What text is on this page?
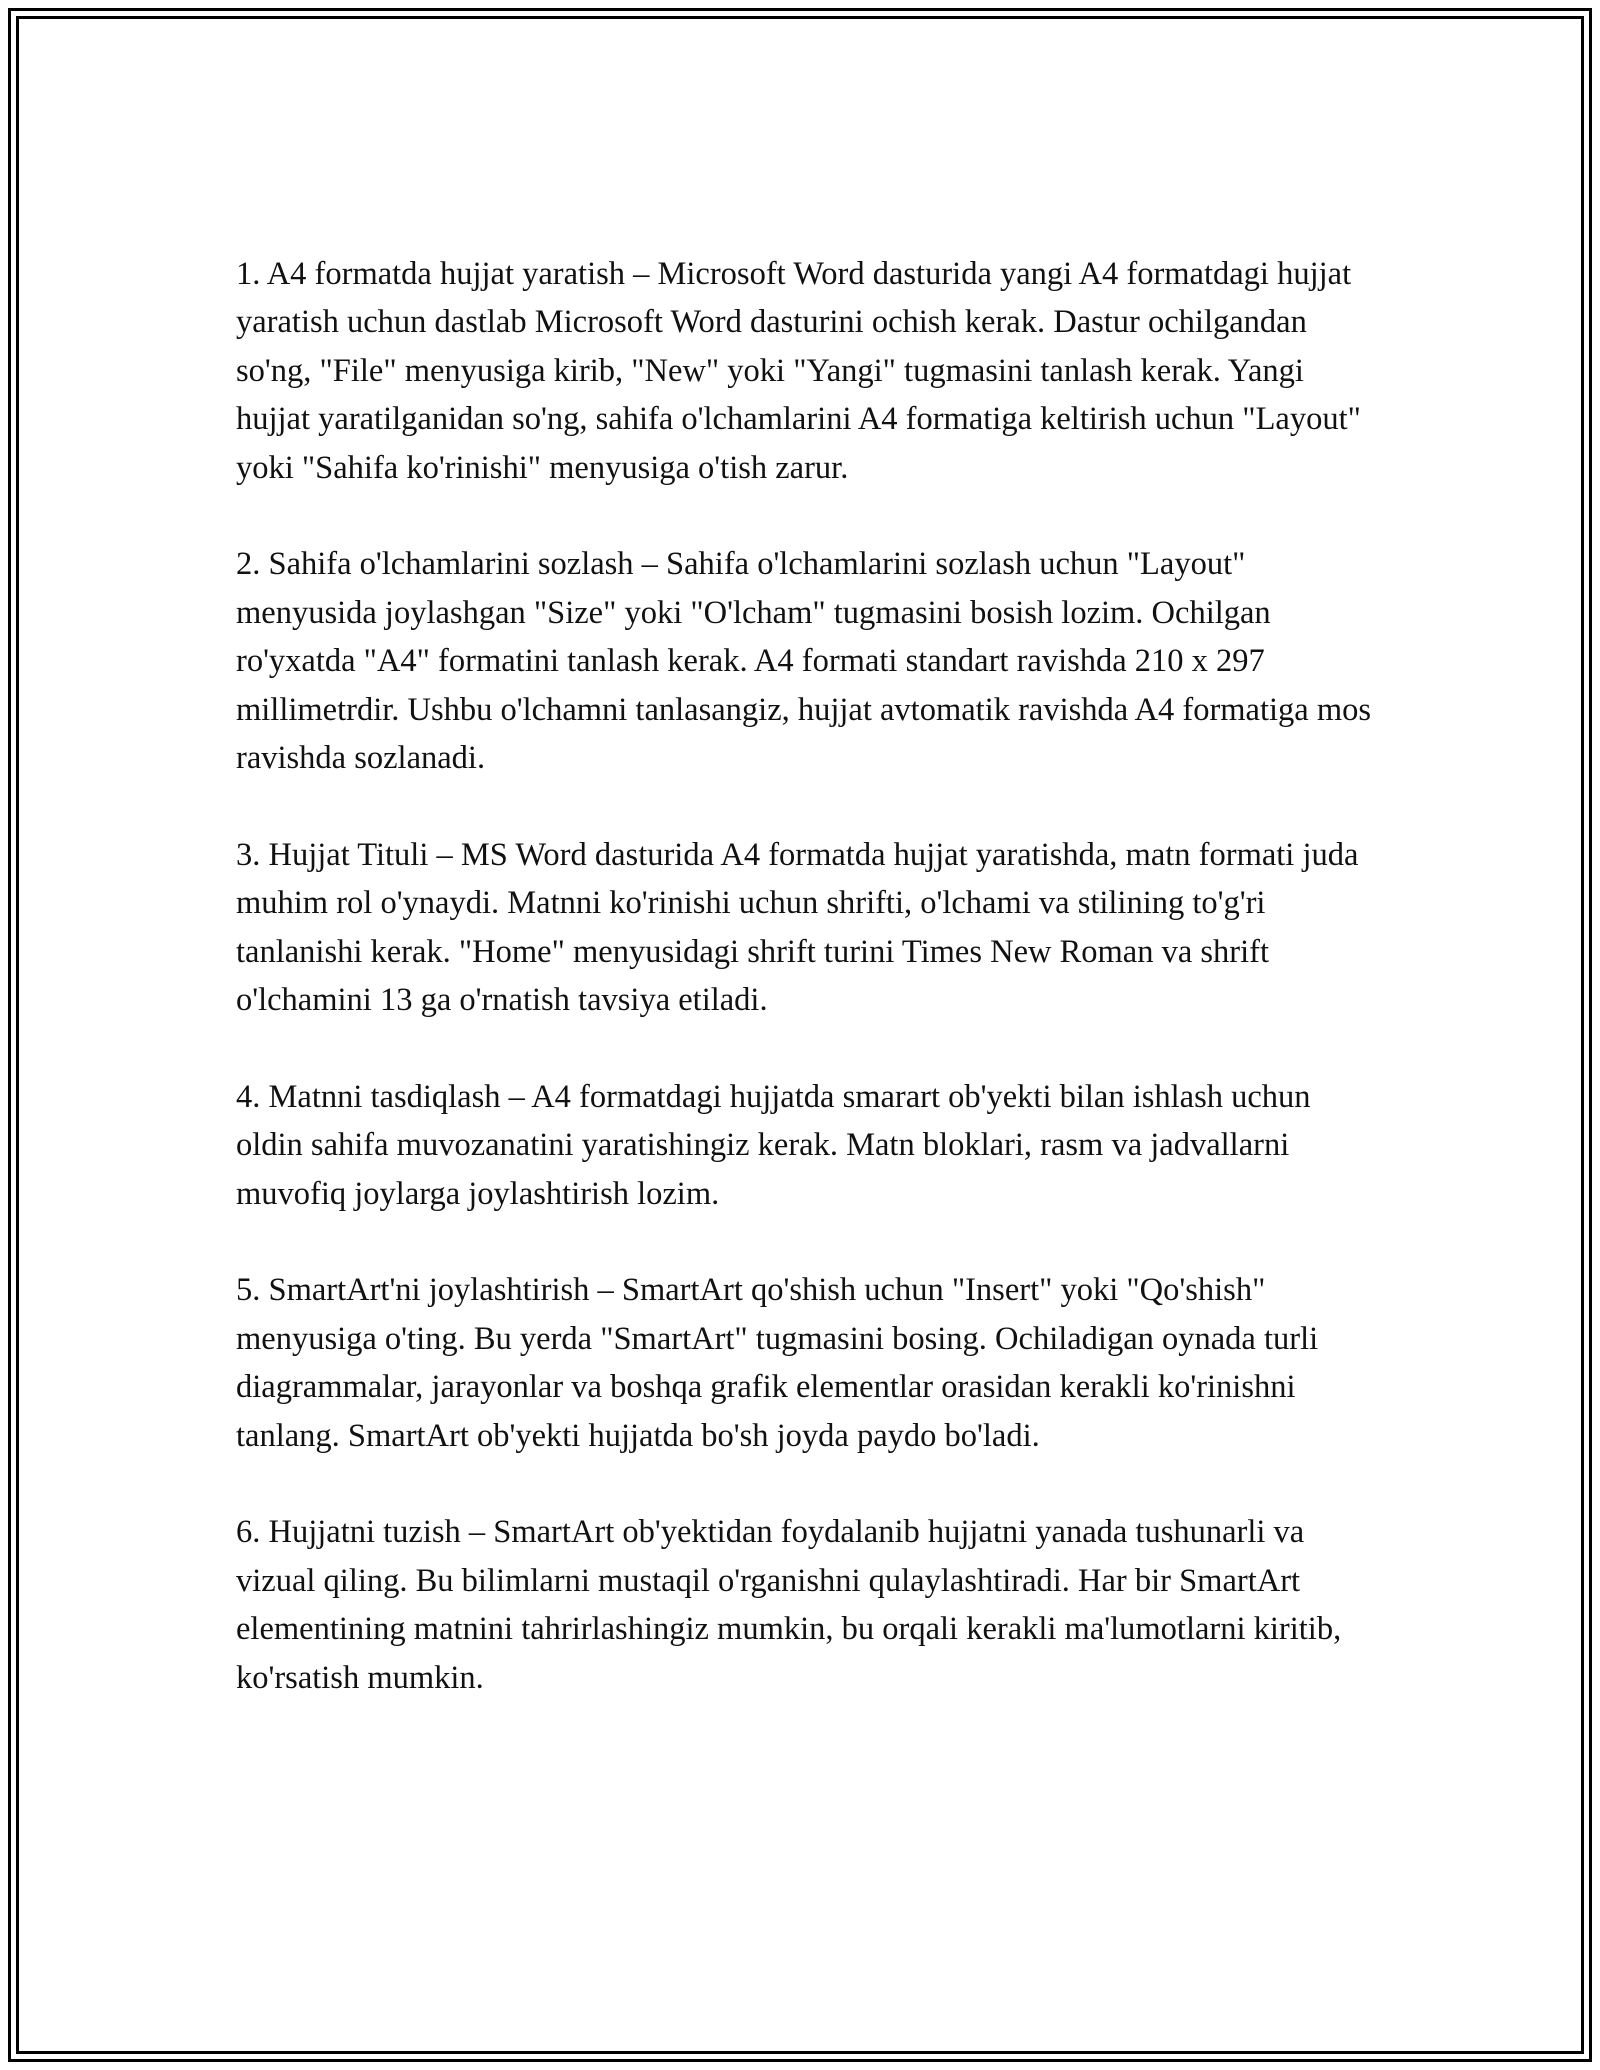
1. A4 formatda hujjat yaratish – Microsoft Word dasturida yangi A4 formatdagi hujjat yaratish uchun dastlab Microsoft Word dasturini ochish kerak. Dastur ochilgandan so'ng, "File" menyusiga kirib, "New" yoki "Yangi" tugmasini tanlash kerak. Yangi hujjat yaratilganidan so'ng, sahifa o'lchamlarini A4 formatiga keltirish uchun "Layout" yoki "Sahifa ko'rinishi" menyusiga o'tish zarur.

2. Sahifa o'lchamlarini sozlash – Sahifa o'lchamlarini sozlash uchun "Layout" menyusida joylashgan "Size" yoki "O'lcham" tugmasini bosish lozim. Ochilgan ro'yxatda "A4" formatini tanlash kerak. A4 formati standart ravishda 210 x 297 millimetrdir. Ushbu o'lchamni tanlasangiz, hujjat avtomatik ravishda A4 formatiga mos ravishda sozlanadi.

3. Hujjat Tituli – MS Word dasturida A4 formatda hujjat yaratishda, matn formati juda muhim rol o'ynaydi. Matnni ko'rinishi uchun shrifti, o'lchami va stilining to'g'ri tanlanishi kerak. "Home" menyusidagi shrift turini Times New Roman va shrift o'lchamini 13 ga o'rnatish tavsiya etiladi.

4. Matnni tasdiqlash – A4 formatdagi hujjatda smarart ob'yekti bilan ishlash uchun oldin sahifa muvozanatini yaratishingiz kerak. Matn bloklari, rasm va jadvallarni muvofiq joylarga joylashtirish lozim.

5. SmartArt'ni joylashtirish – SmartArt qo'shish uchun "Insert" yoki "Qo'shish" menyusiga o'ting. Bu yerda "SmartArt" tugmasini bosing. Ochiladigan oynada turli diagrammalar, jarayonlar va boshqa grafik elementlar orasidan kerakli ko'rinishni tanlang. SmartArt ob'yekti hujjatda bo'sh joyda paydo bo'ladi.

6. Hujjatni tuzish – SmartArt ob'yektidan foydalanib hujjatni yanada tushunarli va vizual qiling. Bu bilimlarni mustaqil o'rganishni qulaylashtiradi. Har bir SmartArt elementining matnini tahrirlashingiz mumkin, bu orqali kerakli ma'lumotlarni kiritib, ko'rsatish mumkin.
